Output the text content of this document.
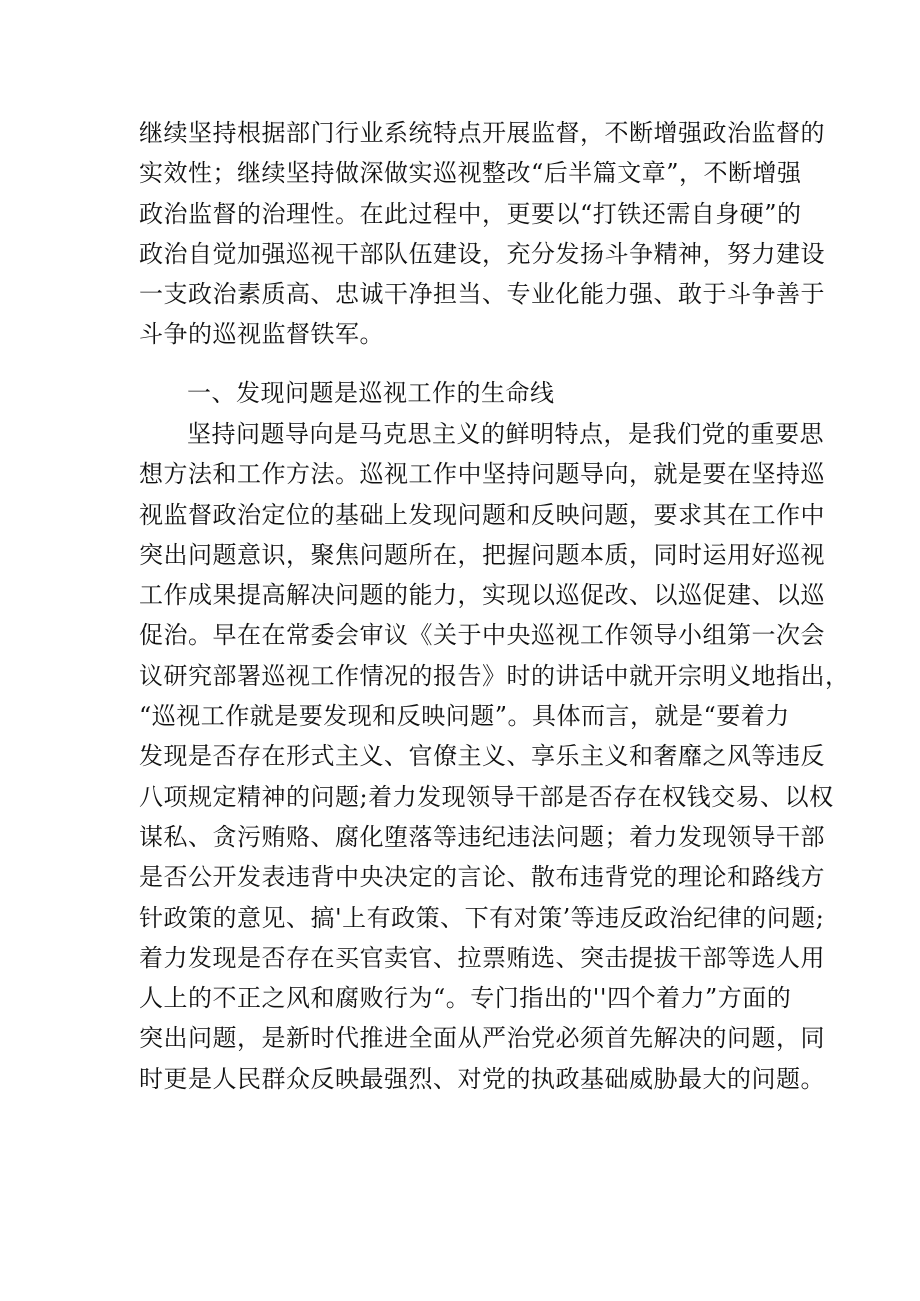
继续坚持根据部门行业系统特点开展监督，不断增强政治监督的
实效性；继续坚持做深做实巡视整改“后半篇文章”，不断增强
政治监督的治理性。在此过程中，更要以“打铁还需自身硬”的
政治自觉加强巡视干部队伍建设，充分发扬斗争精神，努力建设
一支政治素质高、忠诚干净担当、专业化能力强、敢于斗争善于
斗争的巡视监督铁军。
一、发现问题是巡视工作的生命线
坚持问题导向是马克思主义的鲜明特点，是我们党的重要思
想方法和工作方法。巡视工作中坚持问题导向，就是要在坚持巡
视监督政治定位的基础上发现问题和反映问题，要求其在工作中
突出问题意识，聚焦问题所在，把握问题本质，同时运用好巡视
工作成果提高解决问题的能力，实现以巡促改、以巡促建、以巡
促治。早在在常委会审议《关于中央巡视工作领导小组第一次会
议研究部署巡视工作情况的报告》时的讲话中就开宗明义地指出，
“巡视工作就是要发现和反映问题”。具体而言，就是“要着力
发现是否存在形式主义、官僚主义、享乐主义和奢靡之风等违反
八项规定精神的问题;着力发现领导干部是否存在权钱交易、以权
谋私、贪污贿赂、腐化堕落等违纪违法问题；着力发现领导干部
是否公开发表违背中央决定的言论、散布违背党的理论和路线方
针政策的意见、搞'上有政策、下有对策’等违反政治纪律的问题;
着力发现是否存在买官卖官、拉票贿选、突击提拔干部等选人用
人上的不正之风和腐败行为“。专门指出的''四个着力”方面的
突出问题，是新时代推进全面从严治党必须首先解决的问题，同
时更是人民群众反映最强烈、对党的执政基础威胁最大的问题。
